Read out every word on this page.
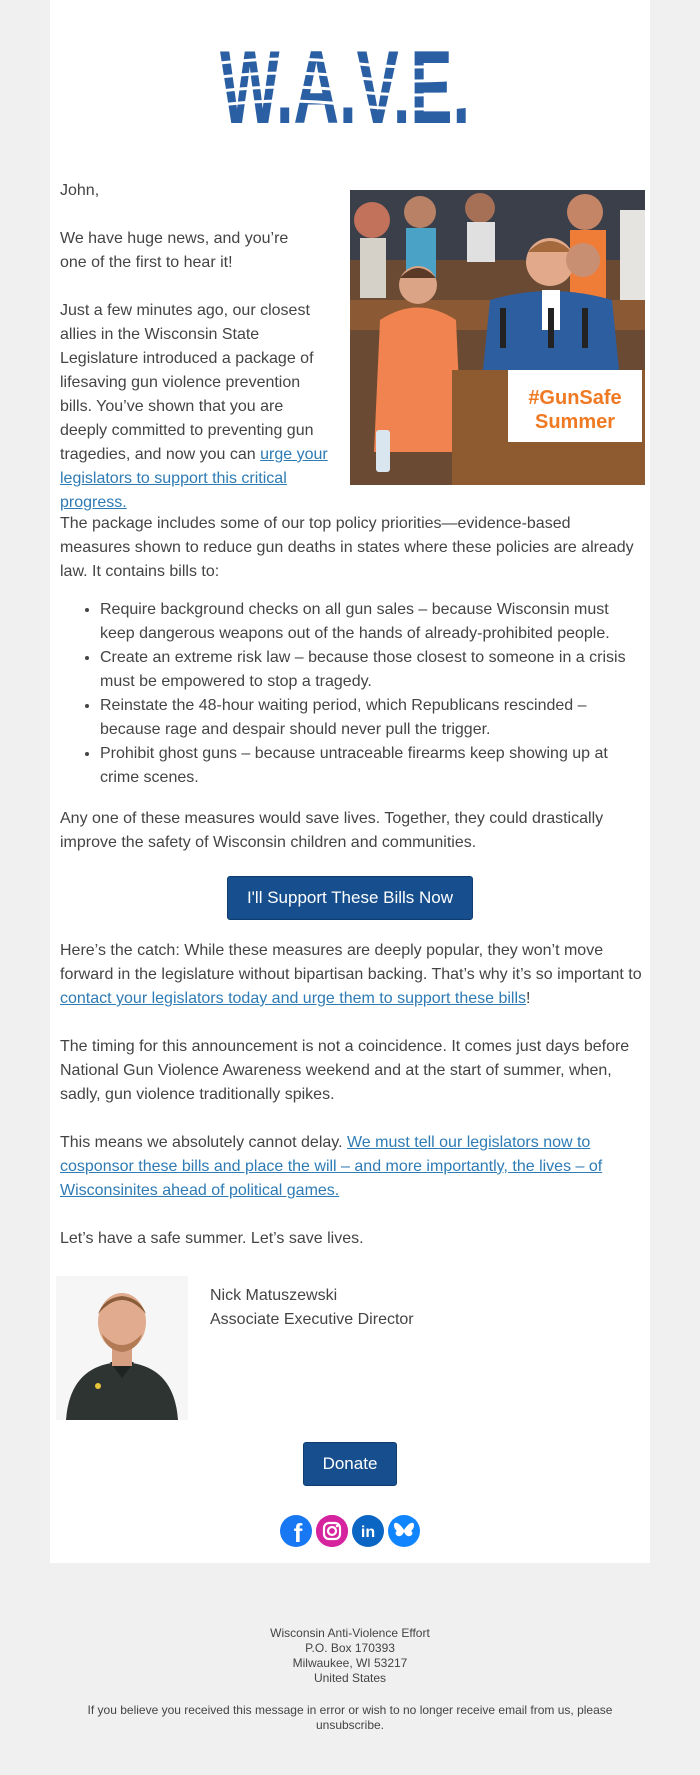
John,

We have huge news, and you’re one of the first to hear it!

Just a few minutes ago, our closest allies in the Wisconsin State Legislature introduced a package of lifesaving gun violence prevention bills. You’ve shown that you are deeply committed to preventing gun tragedies, and now you can urge your legislators to support this critical progress.

#GunSafe
Summer

The package includes some of our top policy priorities—evidence-based measures shown to reduce gun deaths in states where these policies are already law. It contains bills to:

• Require background checks on all gun sales – because Wisconsin must keep dangerous weapons out of the hands of already-prohibited people.
• Create an extreme risk law – because those closest to someone in a crisis must be empowered to stop a tragedy.
• Reinstate the 48-hour waiting period, which Republicans rescinded – because rage and despair should never pull the trigger.
• Prohibit ghost guns – because untraceable firearms keep showing up at crime scenes.

Any one of these measures would save lives. Together, they could drastically improve the safety of Wisconsin children and communities.

I'll Support These Bills Now

Here’s the catch: While these measures are deeply popular, they won’t move forward in the legislature without bipartisan backing. That’s why it’s so important to contact your legislators today and urge them to support these bills!

The timing for this announcement is not a coincidence. It comes just days before National Gun Violence Awareness weekend and at the start of summer, when, sadly, gun violence traditionally spikes.

This means we absolutely cannot delay. We must tell our legislators now to cosponsor these bills and place the will – and more importantly, the lives – of Wisconsinites ahead of political games.

Let’s have a safe summer. Let’s save lives.

Nick Matuszewski

Associate Executive Director

Donate
f	in

Wisconsin Anti-Violence Effort

P.O. Box 170393

Milwaukee, WI 53217

United States

If you believe you received this message in error or wish to no longer receive email from us, please unsubscribe.
